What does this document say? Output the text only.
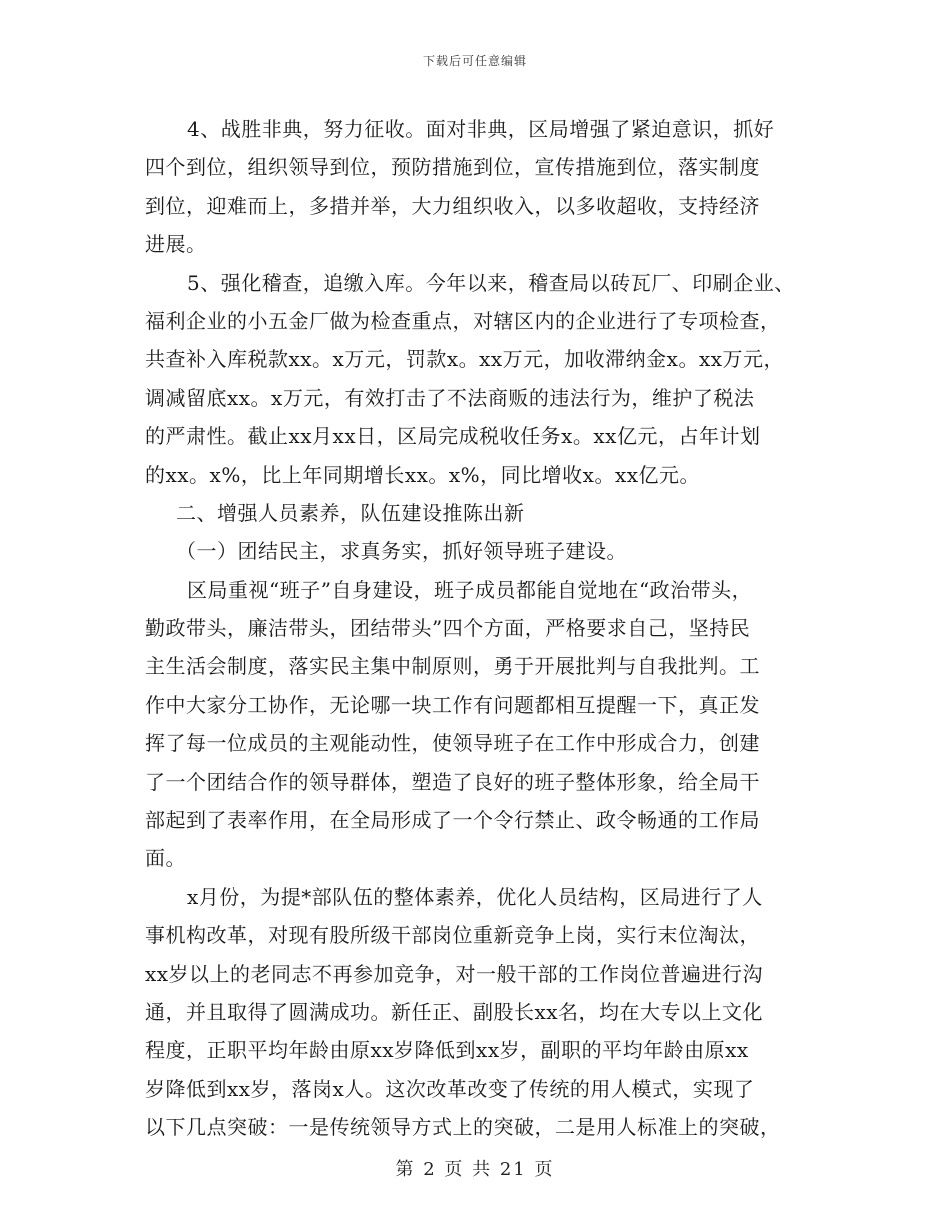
下载后可任意编辑
4、战胜非典，努力征收。面对非典，区局增强了紧迫意识，抓好
四个到位，组织领导到位，预防措施到位，宣传措施到位，落实制度
到位，迎难而上，多措并举，大力组织收入，以多收超收，支持经济
进展。
5、强化稽查，追缴入库。今年以来，稽查局以砖瓦厂、印刷企业、
福利企业的小五金厂做为检查重点，对辖区内的企业进行了专项检查，
共查补入库税款xx。x万元，罚款x。xx万元，加收滞纳金x。xx万元，
调减留底xx。x万元，有效打击了不法商贩的违法行为，维护了税法
的严肃性。截止xx月xx日，区局完成税收任务x。xx亿元，占年计划
的xx。x%，比上年同期增长xx。x%，同比增收x。xx亿元。
二、增强人员素养，队伍建设推陈出新
（一）团结民主，求真务实，抓好领导班子建设。
区局重视“班子”自身建设，班子成员都能自觉地在“政治带头，
勤政带头，廉洁带头，团结带头”四个方面，严格要求自己，坚持民
主生活会制度，落实民主集中制原则，勇于开展批判与自我批判。工
作中大家分工协作，无论哪一块工作有问题都相互提醒一下，真正发
挥了每一位成员的主观能动性，使领导班子在工作中形成合力，创建
了一个团结合作的领导群体，塑造了良好的班子整体形象，给全局干
部起到了表率作用，在全局形成了一个令行禁止、政令畅通的工作局
面。
x月份，为提*部队伍的整体素养，优化人员结构，区局进行了人
事机构改革，对现有股所级干部岗位重新竞争上岗，实行末位淘汰，
xx岁以上的老同志不再参加竞争，对一般干部的工作岗位普遍进行沟
通，并且取得了圆满成功。新任正、副股长xx名，均在大专以上文化
程度，正职平均年龄由原xx岁降低到xx岁，副职的平均年龄由原xx
岁降低到xx岁，落岗x人。这次改革改变了传统的用人模式，实现了
以下几点突破：一是传统领导方式上的突破，二是用人标准上的突破，
第 2 页 共 21 页
